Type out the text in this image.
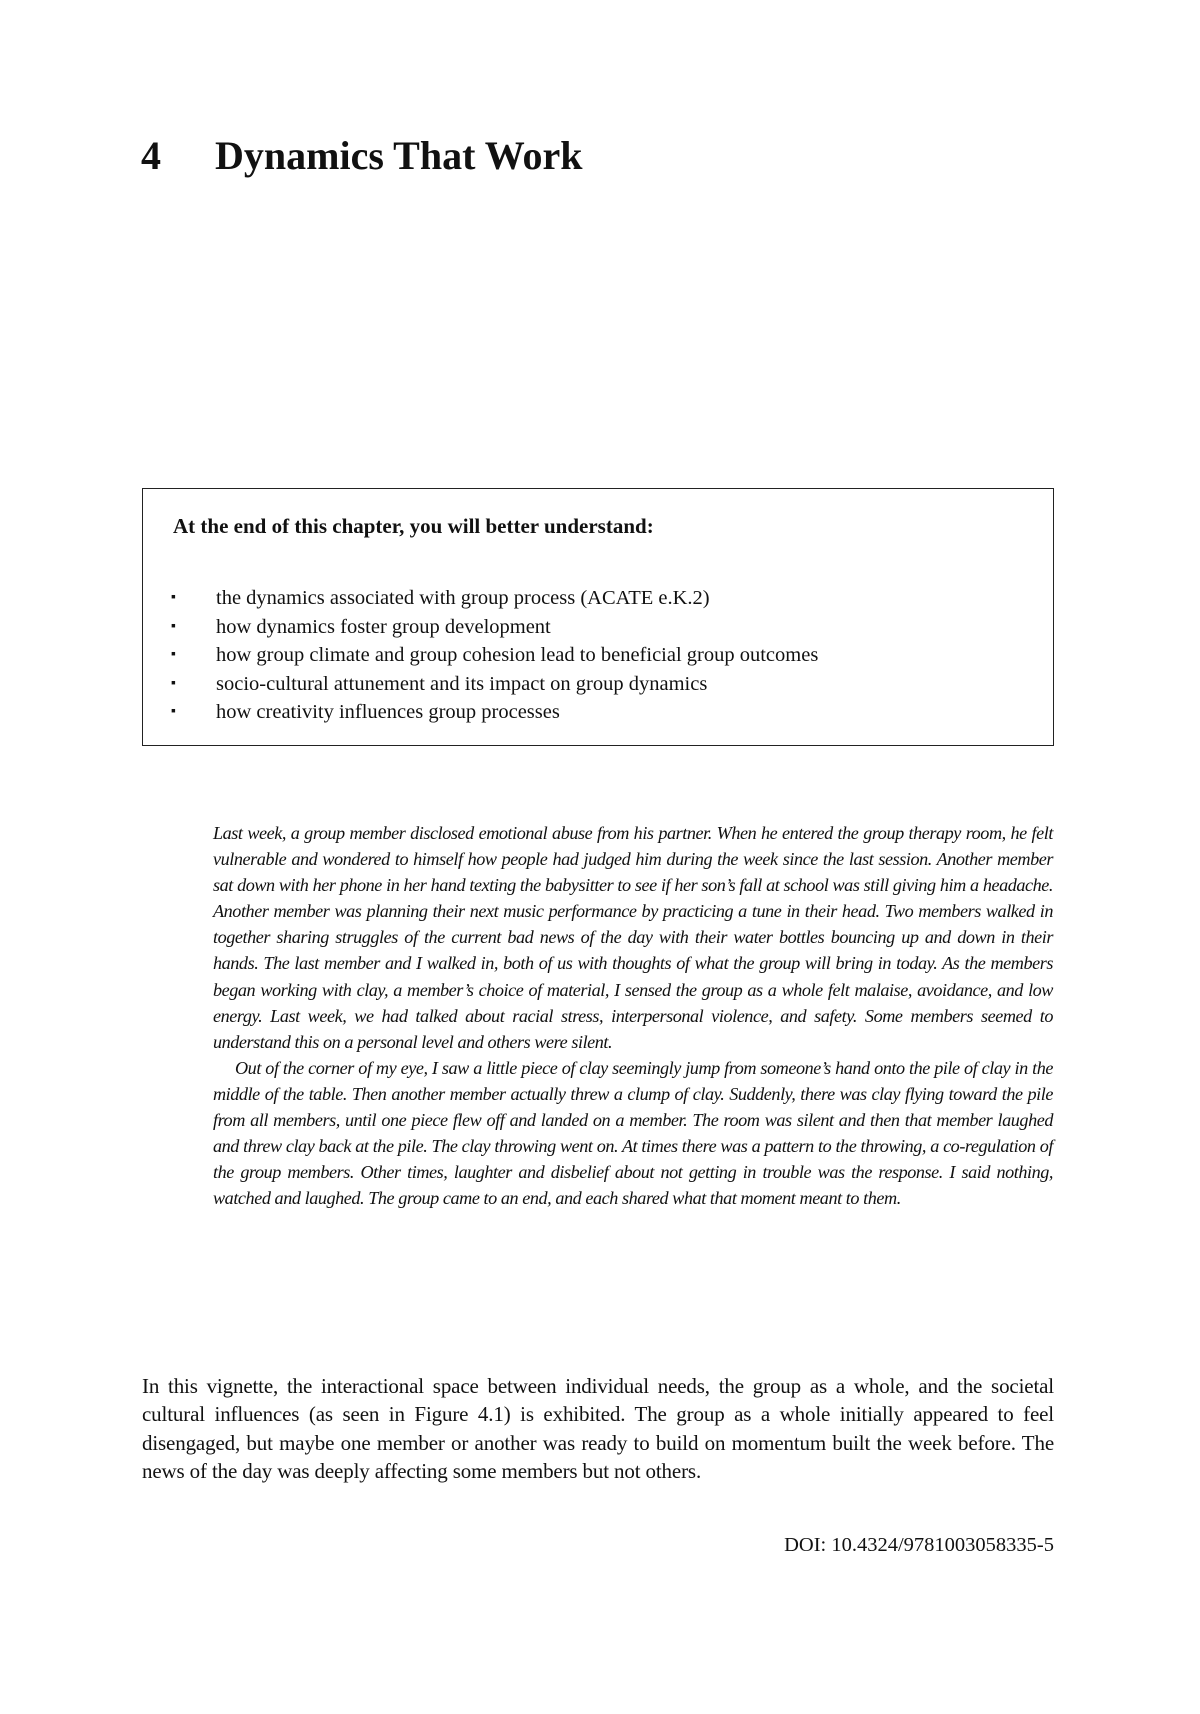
4 Dynamics That Work

At the end of this chapter, you will better understand:

▪ the dynamics associated with group process (ACATE e.K.2)
▪ how dynamics foster group development
▪ how group climate and group cohesion lead to beneficial group outcomes
▪ socio-cultural attunement and its impact on group dynamics
▪ how creativity influences group processes

Last week, a group member disclosed emotional abuse from his partner. When he entered the group therapy room, he felt vulnerable and wondered to himself how people had judged him during the week since the last session. Another member sat down with her phone in her hand texting the babysitter to see if her son’s fall at school was still giving him a headache. Another member was planning their next music performance by practicing a tune in their head. Two members walked in together sharing struggles of the current bad news of the day with their water bottles bouncing up and down in their hands. The last member and I walked in, both of us with thoughts of what the group will bring in today. As the members began working with clay, a member’s choice of material, I sensed the group as a whole felt malaise, avoidance, and low energy. Last week, we had talked about racial stress, interpersonal violence, and safety. Some members seemed to understand this on a personal level and others were silent.

Out of the corner of my eye, I saw a little piece of clay seemingly jump from someone’s hand onto the pile of clay in the middle of the table. Then another member actually threw a clump of clay. Suddenly, there was clay flying toward the pile from all members, until one piece flew off and landed on a member. The room was silent and then that member laughed and threw clay back at the pile. The clay throwing went on. At times there was a pattern to the throwing, a co-regulation of the group members. Other times, laughter and disbelief about not getting in trouble was the response. I said nothing, watched and laughed. The group came to an end, and each shared what that moment meant to them.

In this vignette, the interactional space between individual needs, the group as a whole, and the societal cultural influences (as seen in Figure 4.1) is exhibited. The group as a whole initially appeared to feel disengaged, but maybe one member or another was ready to build on momentum built the week before. The news of the day was deeply affecting some members but not others.

DOI: 10.4324/9781003058335-5
